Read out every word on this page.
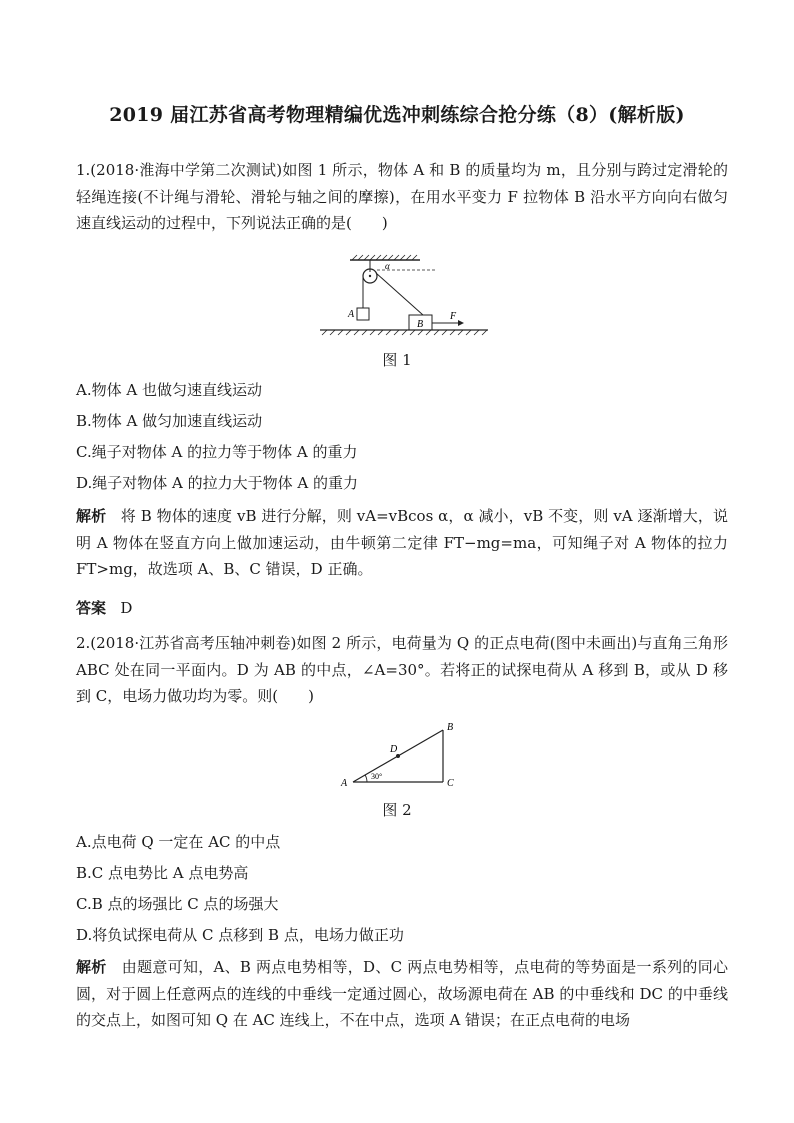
2019 届江苏省高考物理精编优选冲刺练综合抢分练（8）(解析版)
1.(2018·淮海中学第二次测试)如图 1 所示，物体 A 和 B 的质量均为 m，且分别与跨过定滑轮的轻绳连接(不计绳与滑轮、滑轮与轴之间的摩擦)，在用水平变力 F 拉物体 B 沿水平方向向右做匀速直线运动的过程中，下列说法正确的是(　　)
A
B
F
α
图 1
A.物体 A 也做匀速直线运动
B.物体 A 做匀加速直线运动
C.绳子对物体 A 的拉力等于物体 A 的重力
D.绳子对物体 A 的拉力大于物体 A 的重力
解析 将 B 物体的速度 vB 进行分解，则 vA=vBcos α，α 减小，vB 不变，则 vA 逐渐增大，说明 A 物体在竖直方向上做加速运动，由牛顿第二定律 FT−mg=ma，可知绳子对 A 物体的拉力 FT>mg，故选项 A、B、C 错误，D 正确。
答案 D
2.(2018·江苏省高考压轴冲刺卷)如图 2 所示，电荷量为 Q 的正点电荷(图中未画出)与直角三角形 ABC 处在同一平面内。D 为 AB 的中点，∠A=30°。若将正的试探电荷从 A 移到 B，或从 D 移到 C，电场力做功均为零。则(　　)
A
B
C
D
30°
图 2
A.点电荷 Q 一定在 AC 的中点
B.C 点电势比 A 点电势高
C.B 点的场强比 C 点的场强大
D.将负试探电荷从 C 点移到 B 点，电场力做正功
解析 由题意可知，A、B 两点电势相等，D、C 两点电势相等，点电荷的等势面是一系列的同心圆，对于圆上任意两点的连线的中垂线一定通过圆心，故场源电荷在 AB 的中垂线和 DC 的中垂线的交点上，如图可知 Q 在 AC 连线上，不在中点，选项 A 错误；在正点电荷的电场
